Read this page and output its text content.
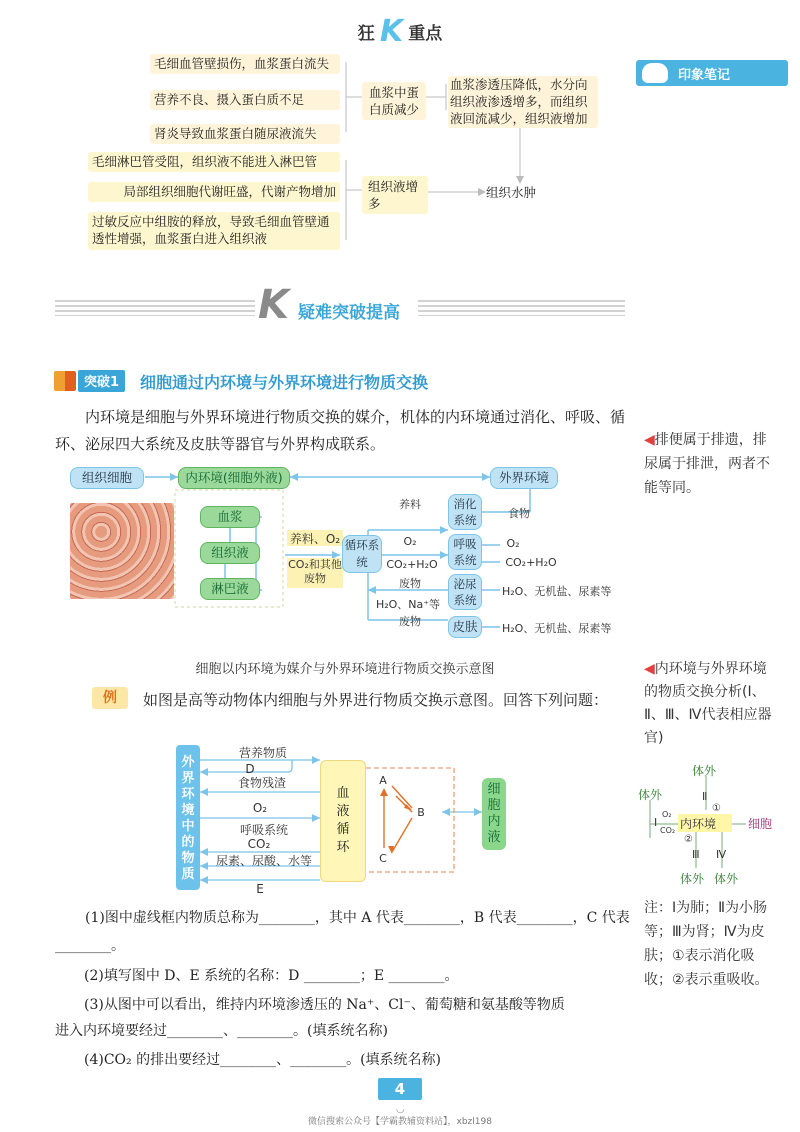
狂 K 重点
印象笔记
毛细血管壁损伤，血浆蛋白流失
营养不良、摄入蛋白质不足
肾炎导致血浆蛋白随尿液流失
血浆中蛋白质减少
血浆渗透压降低，水分向组织液渗透增多，而组织液回流减少，组织液增加
毛细淋巴管受阻，组织液不能进入淋巴管
局部组织细胞代谢旺盛，代谢产物增加
过敏反应中组胺的释放，导致毛细血管壁通透性增强，血浆蛋白进入组织液
组织液增多
组织水肿
K 疑难突破提高
突破1	细胞通过内环境与外界环境进行物质交换
内环境是细胞与外界环境进行物质交换的媒介，机体的内环境通过消化、呼吸、循环、泌尿四大系统及皮肤等器官与外界构成联系。	◀排便属于排遗，排尿属于排泄，两者不能等同。
组织细胞	内环境(细胞外液)	外界环境
血浆
组织液
淋巴液
养料、O₂
CO₂和其他废物
循环系统
消化系统
呼吸系统
泌尿系统
皮肤
养料
食物
O₂
CO₂+H₂O
O₂
CO₂+H₂O
废物
H₂O、Na⁺等
废物
H₂O、无机盐、尿素等
H₂O、无机盐、尿素等
细胞以内环境为媒介与外界环境进行物质交换示意图	◀内环境与外界环境的物质交换分析(Ⅰ、Ⅱ、Ⅲ、Ⅳ代表相应器官)
体外
体外	Ⅱ
Ⅰ
O₂
CO₂
①
内环境	细胞
②
Ⅲ Ⅳ
体外 体外
注：Ⅰ为肺；Ⅱ为小肠等；Ⅲ为肾；Ⅳ为皮肤；①表示消化吸收；②表示重吸收。
例	如图是高等动物体内细胞与外界进行物质交换示意图。回答下列问题：
外界环境中的物质
血液循环
细胞内液
营养物质
D
食物残渣
O₂
呼吸系统
CO₂
尿素、尿酸、水等
E
A
B
C
(1)图中虚线框内物质总称为________，其中 A 代表________，B 代表________，C 代表________。
(2)填写图中 D、E 系统的名称：D ________；E ________。
(3)从图中可以看出，维持内环境渗透压的 Na⁺、Cl⁻、葡萄糖和氨基酸等物质
进入内环境要经过________、________。(填系统名称)
(4)CO₂ 的排出要经过________、________。(填系统名称)
4
◡
微信搜索公众号【学霸教辅资料站】，xbzl198
